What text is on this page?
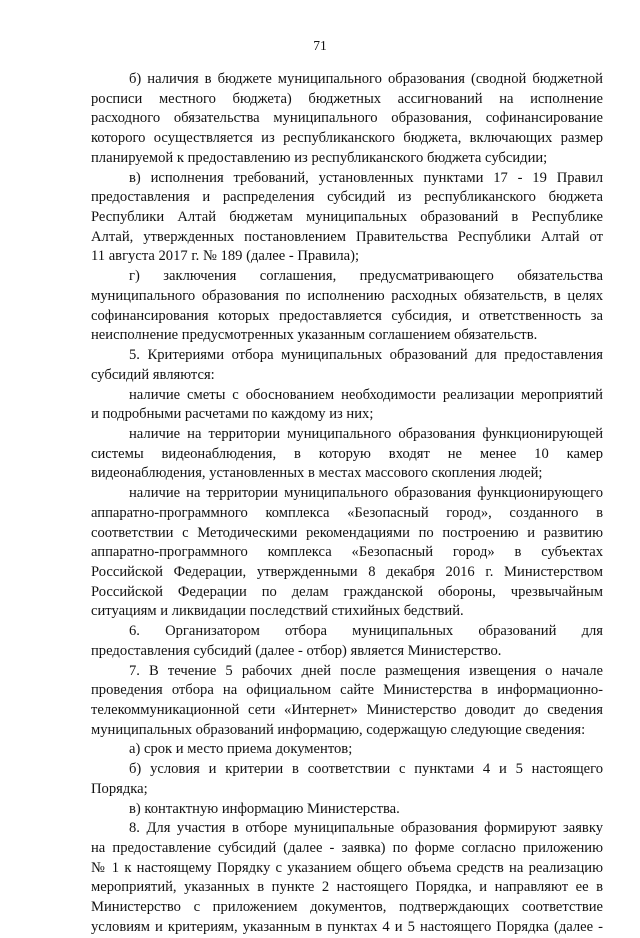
71
б) наличия в бюджете муниципального образования (сводной бюджетной
росписи местного бюджета) бюджетных ассигнований на исполнение
расходного обязательства муниципального образования, софинансирование
которого осуществляется из республиканского бюджета, включающих размер
планируемой к предоставлению из республиканского бюджета субсидии;
в) исполнения требований, установленных пунктами 17 - 19 Правил
предоставления и распределения субсидий из республиканского бюджета
Республики Алтай бюджетам муниципальных образований в Республике
Алтай, утвержденных постановлением Правительства Республики Алтай от
11 августа 2017 г. № 189 (далее - Правила);
г) заключения соглашения, предусматривающего обязательства
муниципального образования по исполнению расходных обязательств, в целях
софинансирования которых предоставляется субсидия, и ответственность за
неисполнение предусмотренных указанным соглашением обязательств.
5. Критериями отбора муниципальных образований для предоставления
субсидий являются:
наличие сметы с обоснованием необходимости реализации мероприятий
и подробными расчетами по каждому из них;
наличие на территории муниципального образования функционирующей
системы видеонаблюдения, в которую входят не менее 10 камер
видеонаблюдения, установленных в местах массового скопления людей;
наличие на территории муниципального образования функционирующего
аппаратно-программного комплекса «Безопасный город», созданного в
соответствии с Методическими рекомендациями по построению и развитию
аппаратно-программного комплекса «Безопасный город» в субъектах
Российской Федерации, утвержденными 8 декабря 2016 г. Министерством
Российской Федерации по делам гражданской обороны, чрезвычайным
ситуациям и ликвидации последствий стихийных бедствий.
6. Организатором отбора муниципальных образований для
предоставления субсидий (далее - отбор) является Министерство.
7. В течение 5 рабочих дней после размещения извещения о начале
проведения отбора на официальном сайте Министерства в информационно-
телекоммуникационной сети «Интернет» Министерство доводит до сведения
муниципальных образований информацию, содержащую следующие сведения:
а) срок и место приема документов;
б) условия и критерии в соответствии с пунктами 4 и 5 настоящего
Порядка;
в) контактную информацию Министерства.
8. Для участия в отборе муниципальные образования формируют заявку
на предоставление субсидий (далее - заявка) по форме согласно приложению
№ 1 к настоящему Порядку с указанием общего объема средств на реализацию
мероприятий, указанных в пункте 2 настоящего Порядка, и направляют ее в
Министерство с приложением документов, подтверждающих соответствие
условиям и критериям, указанным в пунктах 4 и 5 настоящего Порядка (далее -
